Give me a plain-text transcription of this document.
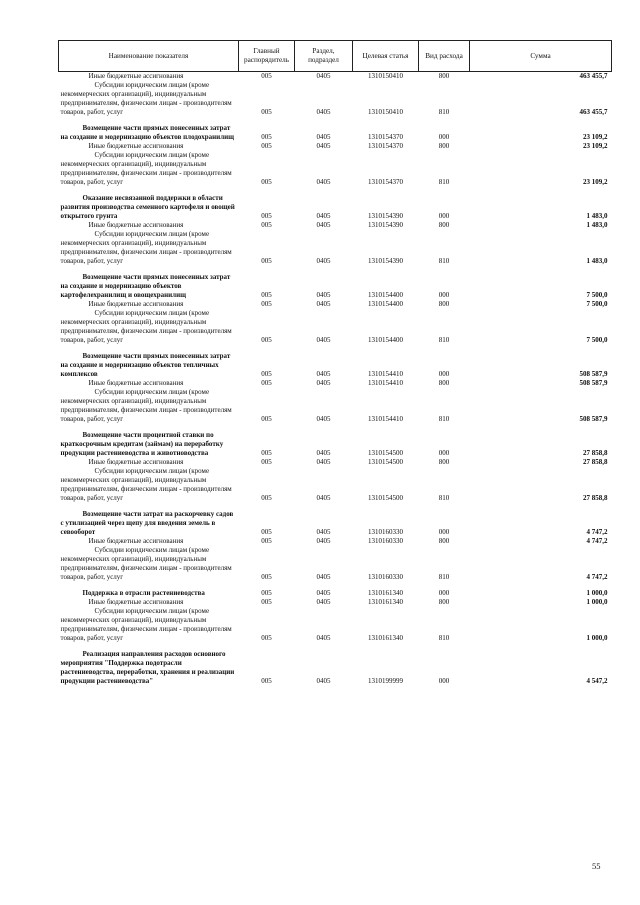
Наименование показателя	Главный распорядитель	Раздел, подраздел	Целевая статья	Вид расхода	Сумма
Иные бюджетные ассигнования	005	0405	1310150410	800	463 455,7
Субсидии юридическим лицам (кроме некоммерческих организаций), индивидуальным предпринимателям, физическим лицам - производителям товаров, работ, услуг	005	0405	1310150410	810	463 455,7

Возмещение части прямых понесенных затрат на создание и модернизацию объектов плодохранилищ	005	0405	1310154370	000	23 109,2
Иные бюджетные ассигнования	005	0405	1310154370	800	23 109,2
Субсидии юридическим лицам (кроме некоммерческих организаций), индивидуальным предпринимателям, физическим лицам - производителям товаров, работ, услуг	005	0405	1310154370	810	23 109,2

Оказание несвязанной поддержки в области развития производства семенного картофеля и овощей открытого грунта	005	0405	1310154390	000	1 483,0
Иные бюджетные ассигнования	005	0405	1310154390	800	1 483,0
Субсидии юридическим лицам (кроме некоммерческих организаций), индивидуальным предпринимателям, физическим лицам - производителям товаров, работ, услуг	005	0405	1310154390	810	1 483,0

Возмещение части прямых понесенных затрат на создание и модернизацию объектов картофелехранилищ и овощехранилищ	005	0405	1310154400	000	7 500,0
Иные бюджетные ассигнования	005	0405	1310154400	800	7 500,0
Субсидии юридическим лицам (кроме некоммерческих организаций), индивидуальным предпринимателям, физическим лицам - производителям товаров, работ, услуг	005	0405	1310154400	810	7 500,0

Возмещение части прямых понесенных затрат на создание и модернизацию объектов тепличных комплексов	005	0405	1310154410	000	508 587,9
Иные бюджетные ассигнования	005	0405	1310154410	800	508 587,9
Субсидии юридическим лицам (кроме некоммерческих организаций), индивидуальным предпринимателям, физическим лицам - производителям товаров, работ, услуг	005	0405	1310154410	810	508 587,9

Возмещение части процентной ставки по краткосрочным кредитам (займам) на переработку продукции растениеводства и животноводства	005	0405	1310154500	000	27 858,8
Иные бюджетные ассигнования	005	0405	1310154500	800	27 858,8
Субсидии юридическим лицам (кроме некоммерческих организаций), индивидуальным предпринимателям, физическим лицам - производителям товаров, работ, услуг	005	0405	1310154500	810	27 858,8

Возмещение части затрат на раскорчевку садов с утилизацией через щепу для введения земель в севооборот	005	0405	1310160330	000	4 747,2
Иные бюджетные ассигнования	005	0405	1310160330	800	4 747,2
Субсидии юридическим лицам (кроме некоммерческих организаций), индивидуальным предпринимателям, физическим лицам - производителям товаров, работ, услуг	005	0405	1310160330	810	4 747,2

Поддержка в отрасли растениеводства	005	0405	1310161340	000	1 000,0
Иные бюджетные ассигнования	005	0405	1310161340	800	1 000,0
Субсидии юридическим лицам (кроме некоммерческих организаций), индивидуальным предпринимателям, физическим лицам - производителям товаров, работ, услуг	005	0405	1310161340	810	1 000,0

Реализация направления расходов основного мероприятия "Поддержка подотрасли растениеводства, переработки, хранения и реализации продукции растениеводства"	005	0405	1310199999	000	4 547,2
55
